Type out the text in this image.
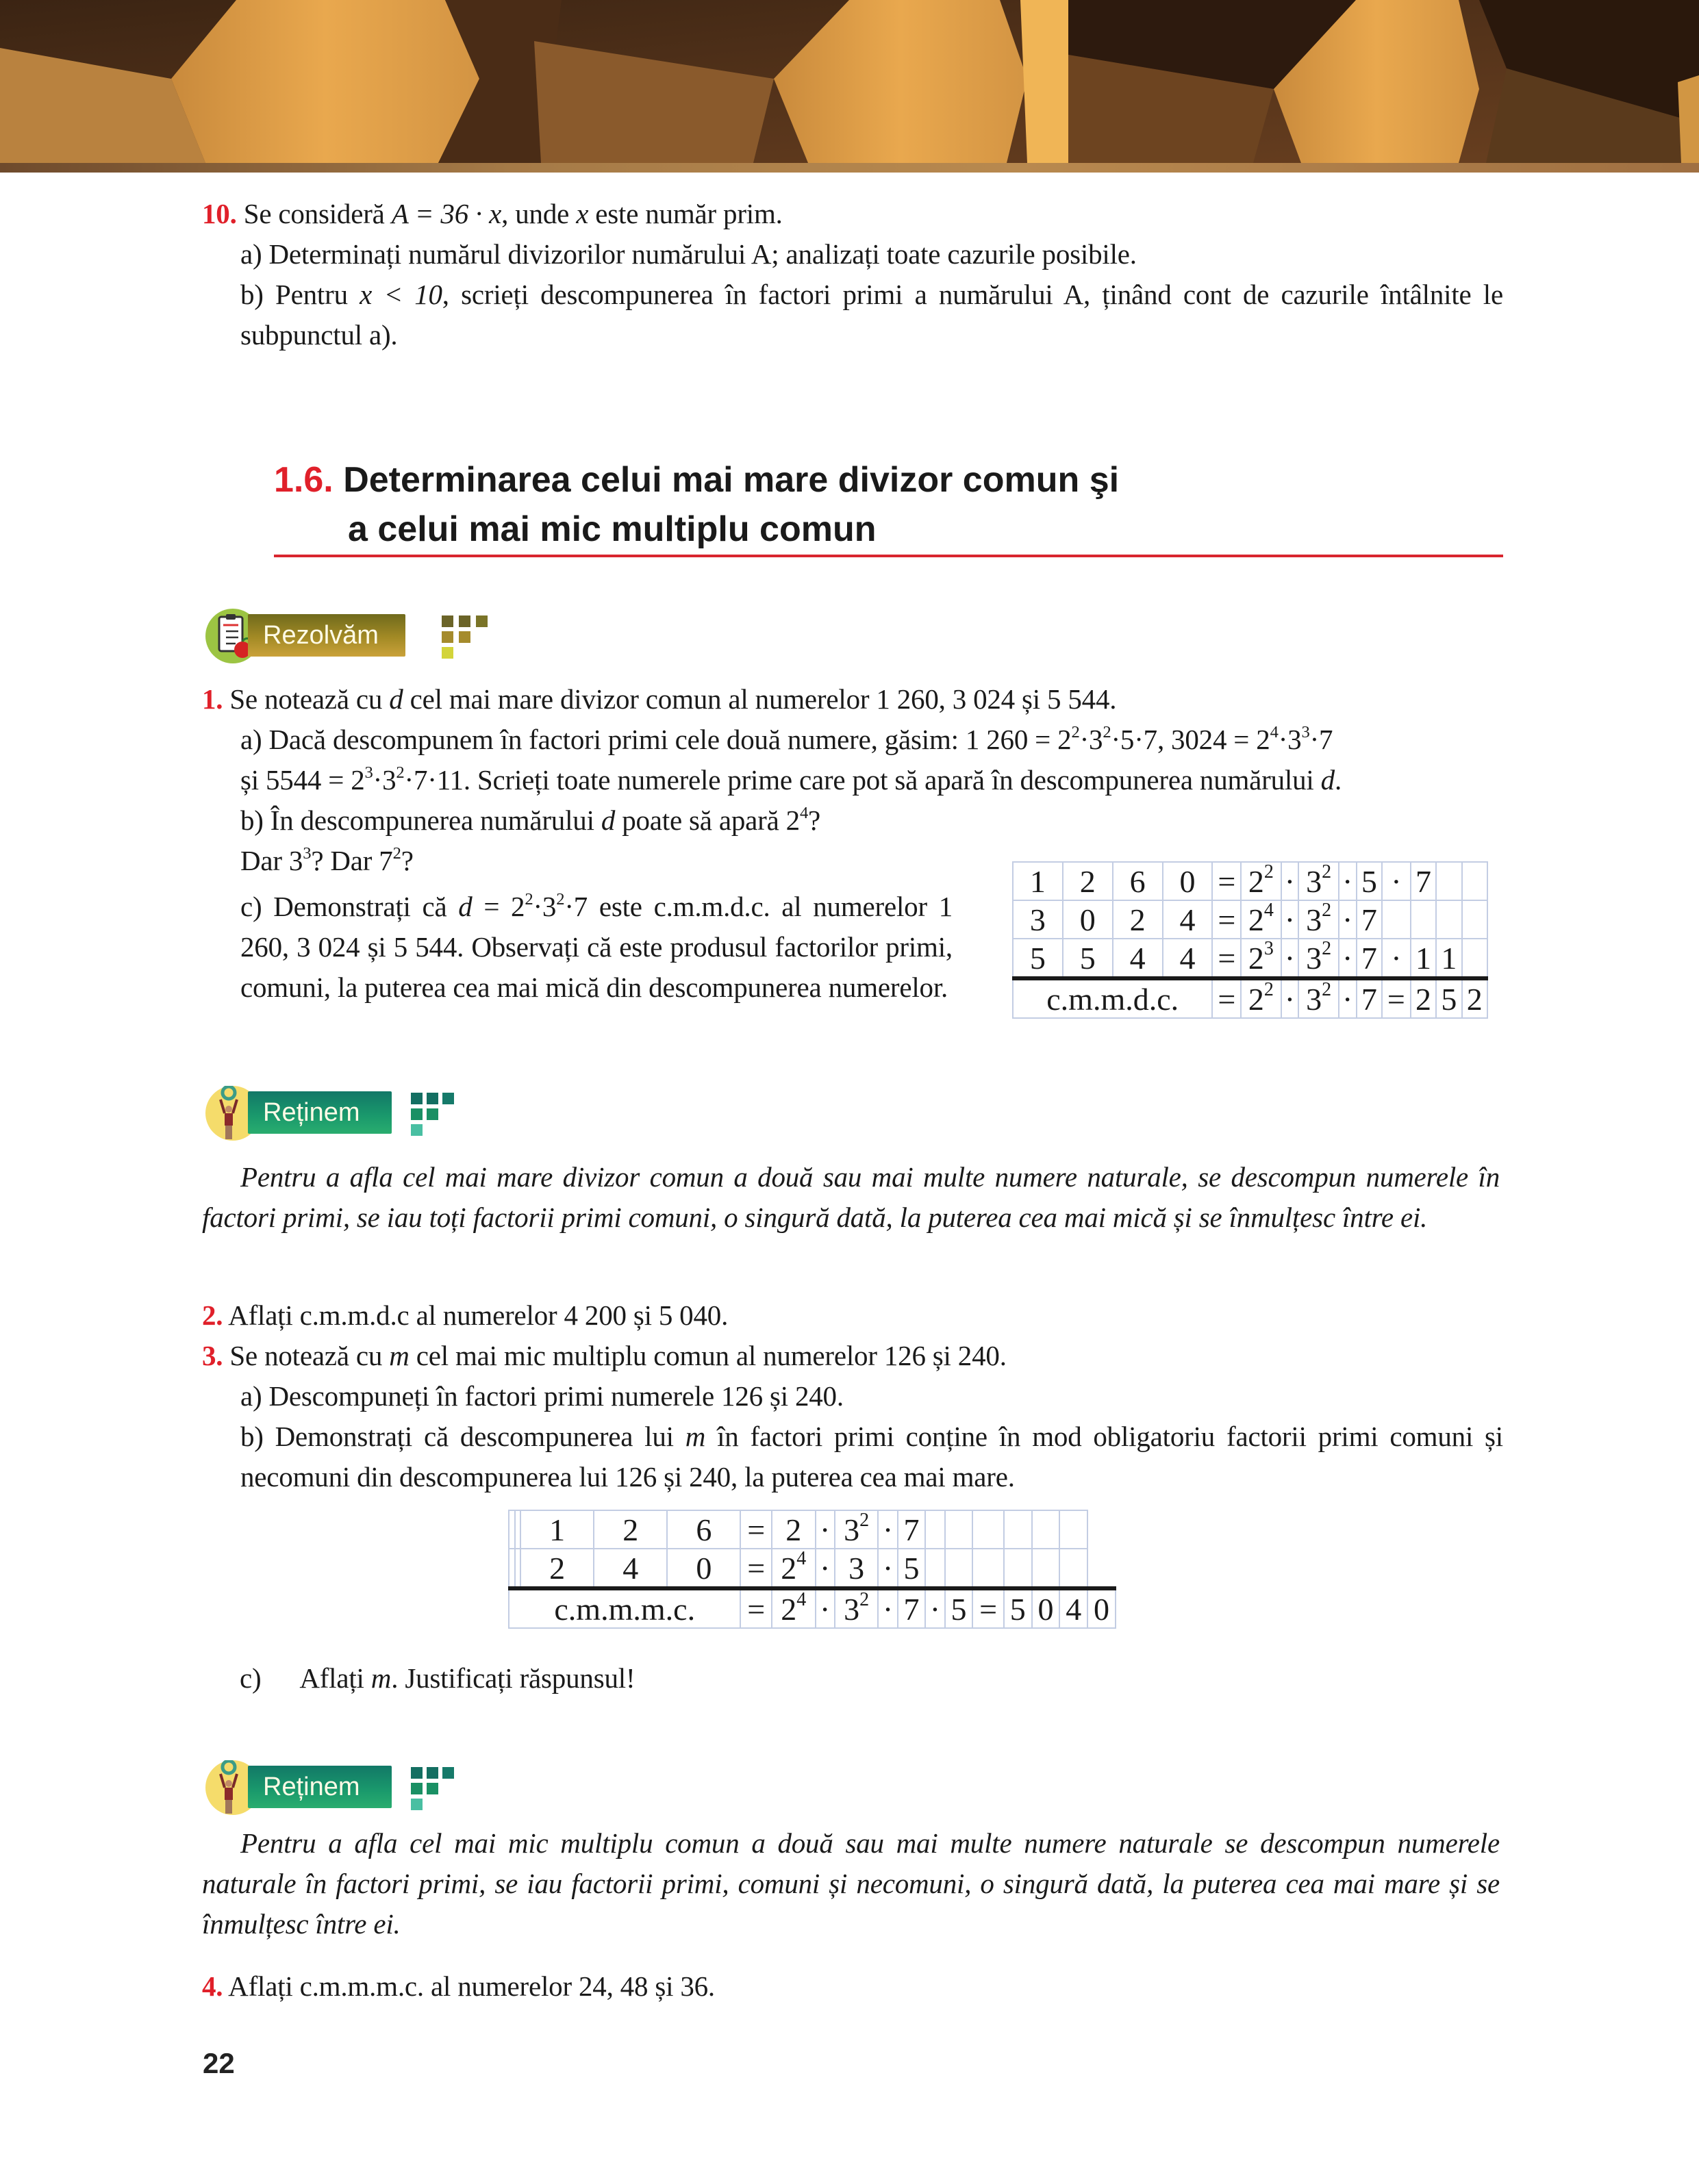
10. Se consideră A = 36 · x, unde x este număr prim.
a) Determinați numărul divizorilor numărului A; analizați toate cazurile posibile.
b) Pentru x < 10, scrieți descompunerea în factori primi a numărului A, ținând cont de cazurile întâlnite le subpunctul a).
1.6. Determinarea celui mai mare divizor comun şi
a celui mai mic multiplu comun
Rezolvăm
1. Se notează cu d cel mai mare divizor comun al numerelor 1 260, 3 024 și 5 544.
a) Dacă descompunem în factori primi cele două numere, găsim: 1 $260 = 2^2\cdot 3^2\cdot 5\cdot 7$, $3024 = 2^4\cdot 3^3\cdot 7$
și $5544 = 2^3\cdot 3^2\cdot 7\cdot 11$. Scrieți toate numerele prime care pot să apară în descompunerea numărului d.
b) În descompunerea numărului d poate să apară $2^4$?
Dar $3^3$? Dar $7^2$?
c) Demonstrați că $d = 2^2\cdot 3^2\cdot 7$ este c.m.m.d.c. al numerelor 1 260, 3 024 și 5 544. Observați că este produsul factorilor primi, comuni, la puterea cea mai mică din descompunerea numerelor.
1	2	6	0	=	$2^2$	·	$3^2$	·	5	·	7		
3	0	2	4	=	$2^4$	·	$3^2$	·	7				
5	5	4	4	=	$2^3$	·	$3^2$	·	7	·	1	1	
c.m.m.d.c.				=	$2^2$	·	$3^2$	·	7	=	2	5	2
Reținem
Pentru a afla cel mai mare divizor comun a două sau mai multe numere naturale, se descompun numerele în factori primi, se iau toți factorii primi comuni, o singură dată, la puterea cea mai mică și se înmulțesc între ei.
2. Aflați c.m.m.d.c al numerelor 4 200 și 5 040.
3. Se notează cu m cel mai mic multiplu comun al numerelor 126 și 240.
a) Descompuneți în factori primi numerele 126 și 240.
b) Demonstrați că descompunerea lui m în factori primi conține în mod obligatoriu factorii primi comuni și necomuni din descompunerea lui 126 și 240, la puterea cea mai mare.
		1	2	6	=	2	·	$3^2$	·	7							
		2	4	0	=	$2^4$	·	3	·	5							
c.m.m.m.c.					=	$2^4$	·	$3^2$	·	7	·	5	=	5	0	4	0
c) Aflați m. Justificați răspunsul!
Reținem
Pentru a afla cel mai mic multiplu comun a două sau mai multe numere naturale se descompun numerele naturale în factori primi, se iau factorii primi, comuni și necomuni, o singură dată, la puterea cea mai mare și se înmulțesc între ei.
4. Aflați c.m.m.m.c. al numerelor 24, 48 și 36.
22
